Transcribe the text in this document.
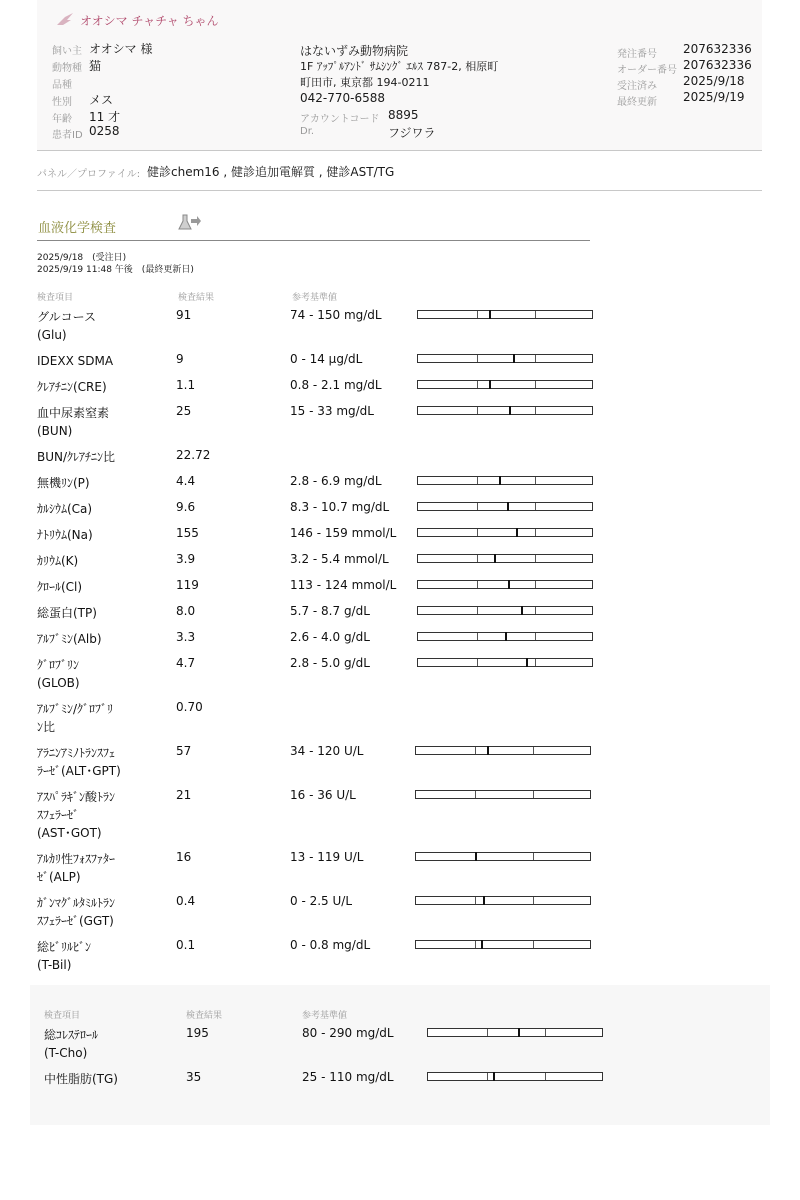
オオシマ チャチャ ちゃん
飼い主 オオシマ 様
動物種 猫
品種
性別 メス
年齢 11 才
患者ID 0258
はないずみ動物病院
1F ｱｯﾌﾟﾙｱﾝﾄﾞ ｻﾑｼﾝｸﾞ ｴﾙｽ 787-2, 相原町
町田市, 東京都 194-0211
042-770-6588
アカウントコード 8895
Dr.	フジワラ
発注番号 207632336
オーダー番号 207632336
受注済み 2025/9/18
最終更新 2025/9/19
パネル／プロファイル: 健診chem16 , 健診追加電解質 , 健診AST/TG
血液化学検査
2025/9/18　(受注日)
2025/9/19 11:48 午後　(最終更新日)
検査項目	検査結果	参考基準値
グルコース
(Glu)
91	74 - 150 mg/dL
IDEXX SDMA	9	0 - 14 µg/dL
ｸﾚｱﾁﾆﾝ(CRE)	1.1	0.8 - 2.1 mg/dL
血中尿素窒素
(BUN)
25	15 - 33 mg/dL
BUN/ｸﾚｱﾁﾆﾝ比	22.72
無機ﾘﾝ(P)	4.4	2.8 - 6.9 mg/dL
ｶﾙｼｳﾑ(Ca)	9.6	8.3 - 10.7 mg/dL
ﾅﾄﾘｳﾑ(Na)	155	146 - 159 mmol/L
ｶﾘｳﾑ(K)	3.9	3.2 - 5.4 mmol/L
ｸﾛｰﾙ(Cl)	119	113 - 124 mmol/L
総蛋白(TP)	8.0	5.7 - 8.7 g/dL
ｱﾙﾌﾞﾐﾝ(Alb)	3.3	2.6 - 4.0 g/dL
ｸﾞﾛﾌﾞﾘﾝ
(GLOB)
4.7	2.8 - 5.0 g/dL
ｱﾙﾌﾞﾐﾝ/ｸﾞﾛﾌﾞﾘ
ﾝ比
0.70
ｱﾗﾆﾝｱﾐﾉﾄﾗﾝｽﾌｪ
ﾗｰｾﾞ(ALT･GPT)
57	34 - 120 U/L
ｱｽﾊﾟﾗｷﾞﾝ酸ﾄﾗﾝ
ｽﾌｪﾗｰｾﾞ
(AST･GOT)
21	16 - 36 U/L
ｱﾙｶﾘ性ﾌｫｽﾌｧﾀｰ
ｾﾞ(ALP)
16	13 - 119 U/L
ｶﾞﾝﾏｸﾞﾙﾀﾐﾙﾄﾗﾝ
ｽﾌｪﾗｰｾﾞ(GGT)
0.4	0 - 2.5 U/L
総ﾋﾞﾘﾙﾋﾞﾝ
(T-Bil)
0.1	0 - 0.8 mg/dL
検査項目	検査結果	参考基準値
総ｺﾚｽﾃﾛｰﾙ
(T-Cho)
195	80 - 290 mg/dL
中性脂肪(TG)	35	25 - 110 mg/dL
